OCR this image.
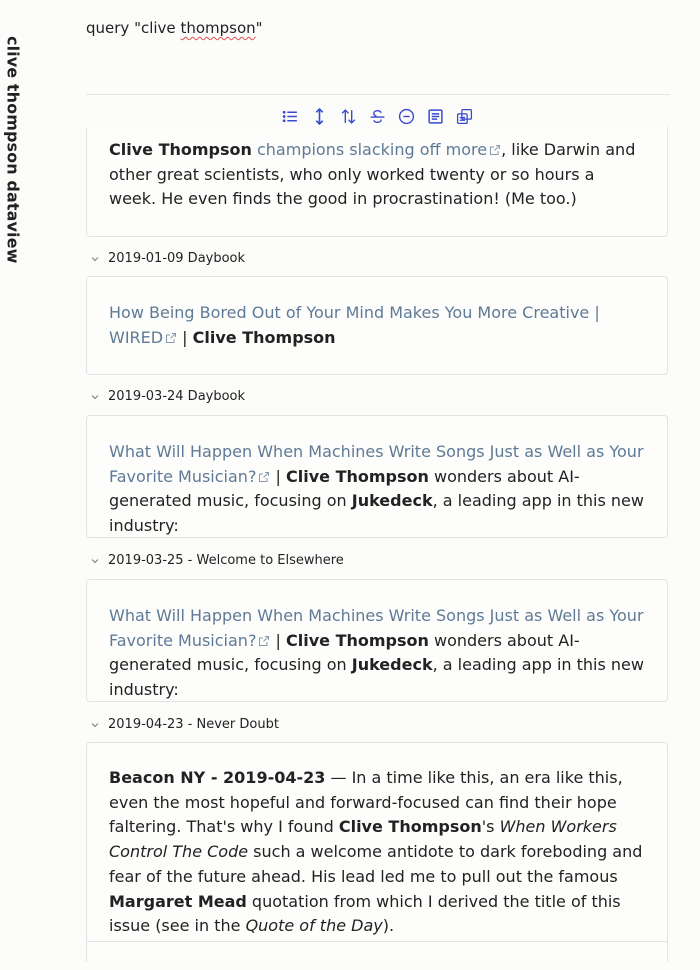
clive thompson dataview
query "clive thompson"
Clive Thompson champions slacking off more , like Darwin and other great scientists, who only worked twenty or so hours a week. He even finds the good in procrastination! (Me too.)
2019-01-09 Daybook
How Being Bored Out of Your Mind Makes You More Creative | WIRED | Clive Thompson
2019-03-24 Daybook
What Will Happen When Machines Write Songs Just as Well as Your Favorite Musician? | Clive Thompson wonders about AI-generated music, focusing on Jukedeck, a leading app in this new industry:
2019-03-25 - Welcome to Elsewhere
What Will Happen When Machines Write Songs Just as Well as Your Favorite Musician? | Clive Thompson wonders about AI-generated music, focusing on Jukedeck, a leading app in this new industry:
2019-04-23 - Never Doubt
Beacon NY - 2019-04-23 — In a time like this, an era like this, even the most hopeful and forward-focused can find their hope faltering. That's why I found Clive Thompson's When Workers Control The Code such a welcome antidote to dark foreboding and fear of the future ahead. His lead led me to pull out the famous Margaret Mead quotation from which I derived the title of this issue (see in the Quote of the Day).
